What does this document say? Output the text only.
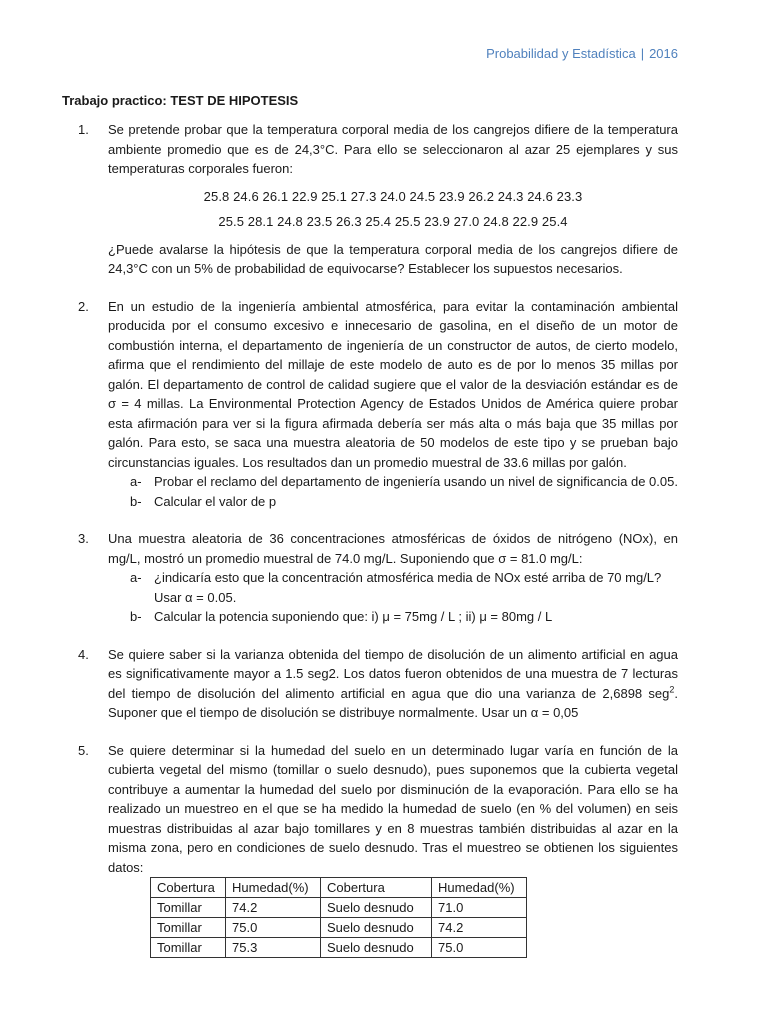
Probabilidad y Estadística | 2016
Trabajo practico: TEST DE HIPOTESIS
1.	Se pretende probar que la temperatura corporal media de los cangrejos difiere de la temperatura ambiente promedio que es de 24,3°C. Para ello se seleccionaron al azar 25 ejemplares y sus temperaturas corporales fueron:
25.8 24.6 26.1 22.9 25.1 27.3 24.0 24.5 23.9 26.2 24.3 24.6 23.3
25.5 28.1 24.8 23.5 26.3 25.4 25.5 23.9 27.0 24.8 22.9 25.4
¿Puede avalarse la hipótesis de que la temperatura corporal media de los cangrejos difiere de 24,3°C con un 5% de probabilidad de equivocarse? Establecer los supuestos necesarios.
2.	En un estudio de la ingeniería ambiental atmosférica, para evitar la contaminación ambiental producida por el consumo excesivo e innecesario de gasolina, en el diseño de un motor de combustión interna, el departamento de ingeniería de un constructor de autos, de cierto modelo, afirma que el rendimiento del millaje de este modelo de auto es de por lo menos 35 millas por galón. El departamento de control de calidad sugiere que el valor de la desviación estándar es de σ = 4 millas. La Environmental Protection Agency de Estados Unidos de América quiere probar esta afirmación para ver si la figura afirmada debería ser más alta o más baja que 35 millas por galón. Para esto, se saca una muestra aleatoria de 50 modelos de este tipo y se prueban bajo circunstancias iguales. Los resultados dan un promedio muestral de 33.6 millas por galón.
a- Probar el reclamo del departamento de ingeniería usando un nivel de significancia de 0.05.
b- Calcular el valor de p
3.	Una muestra aleatoria de 36 concentraciones atmosféricas de óxidos de nitrógeno (NOx), en mg/L, mostró un promedio muestral de 74.0 mg/L. Suponiendo que σ = 81.0 mg/L:
a- ¿indicaría esto que la concentración atmosférica media de NOx esté arriba de 70 mg/L? Usar α = 0.05.
b- Calcular la potencia suponiendo que: i) μ = 75mg / L ; ii) μ = 80mg / L
4.	Se quiere saber si la varianza obtenida del tiempo de disolución de un alimento artificial en agua es significativamente mayor a 1.5 seg2. Los datos fueron obtenidos de una muestra de 7 lecturas del tiempo de disolución del alimento artificial en agua que dio una varianza de 2,6898 seg$^2$. Suponer que el tiempo de disolución se distribuye normalmente. Usar un α = 0,05
5.	Se quiere determinar si la humedad del suelo en un determinado lugar varía en función de la cubierta vegetal del mismo (tomillar o suelo desnudo), pues suponemos que la cubierta vegetal contribuye a aumentar la humedad del suelo por disminución de la evaporación. Para ello se ha realizado un muestreo en el que se ha medido la humedad de suelo (en % del volumen) en seis muestras distribuidas al azar bajo tomillares y en 8 muestras también distribuidas al azar en la misma zona, pero en condiciones de suelo desnudo. Tras el muestreo se obtienen los siguientes datos:
Cobertura	Humedad(%)	Cobertura	Humedad(%)
Tomillar	74.2	Suelo desnudo	71.0
Tomillar	75.0	Suelo desnudo	74.2
Tomillar	75.3	Suelo desnudo	75.0
